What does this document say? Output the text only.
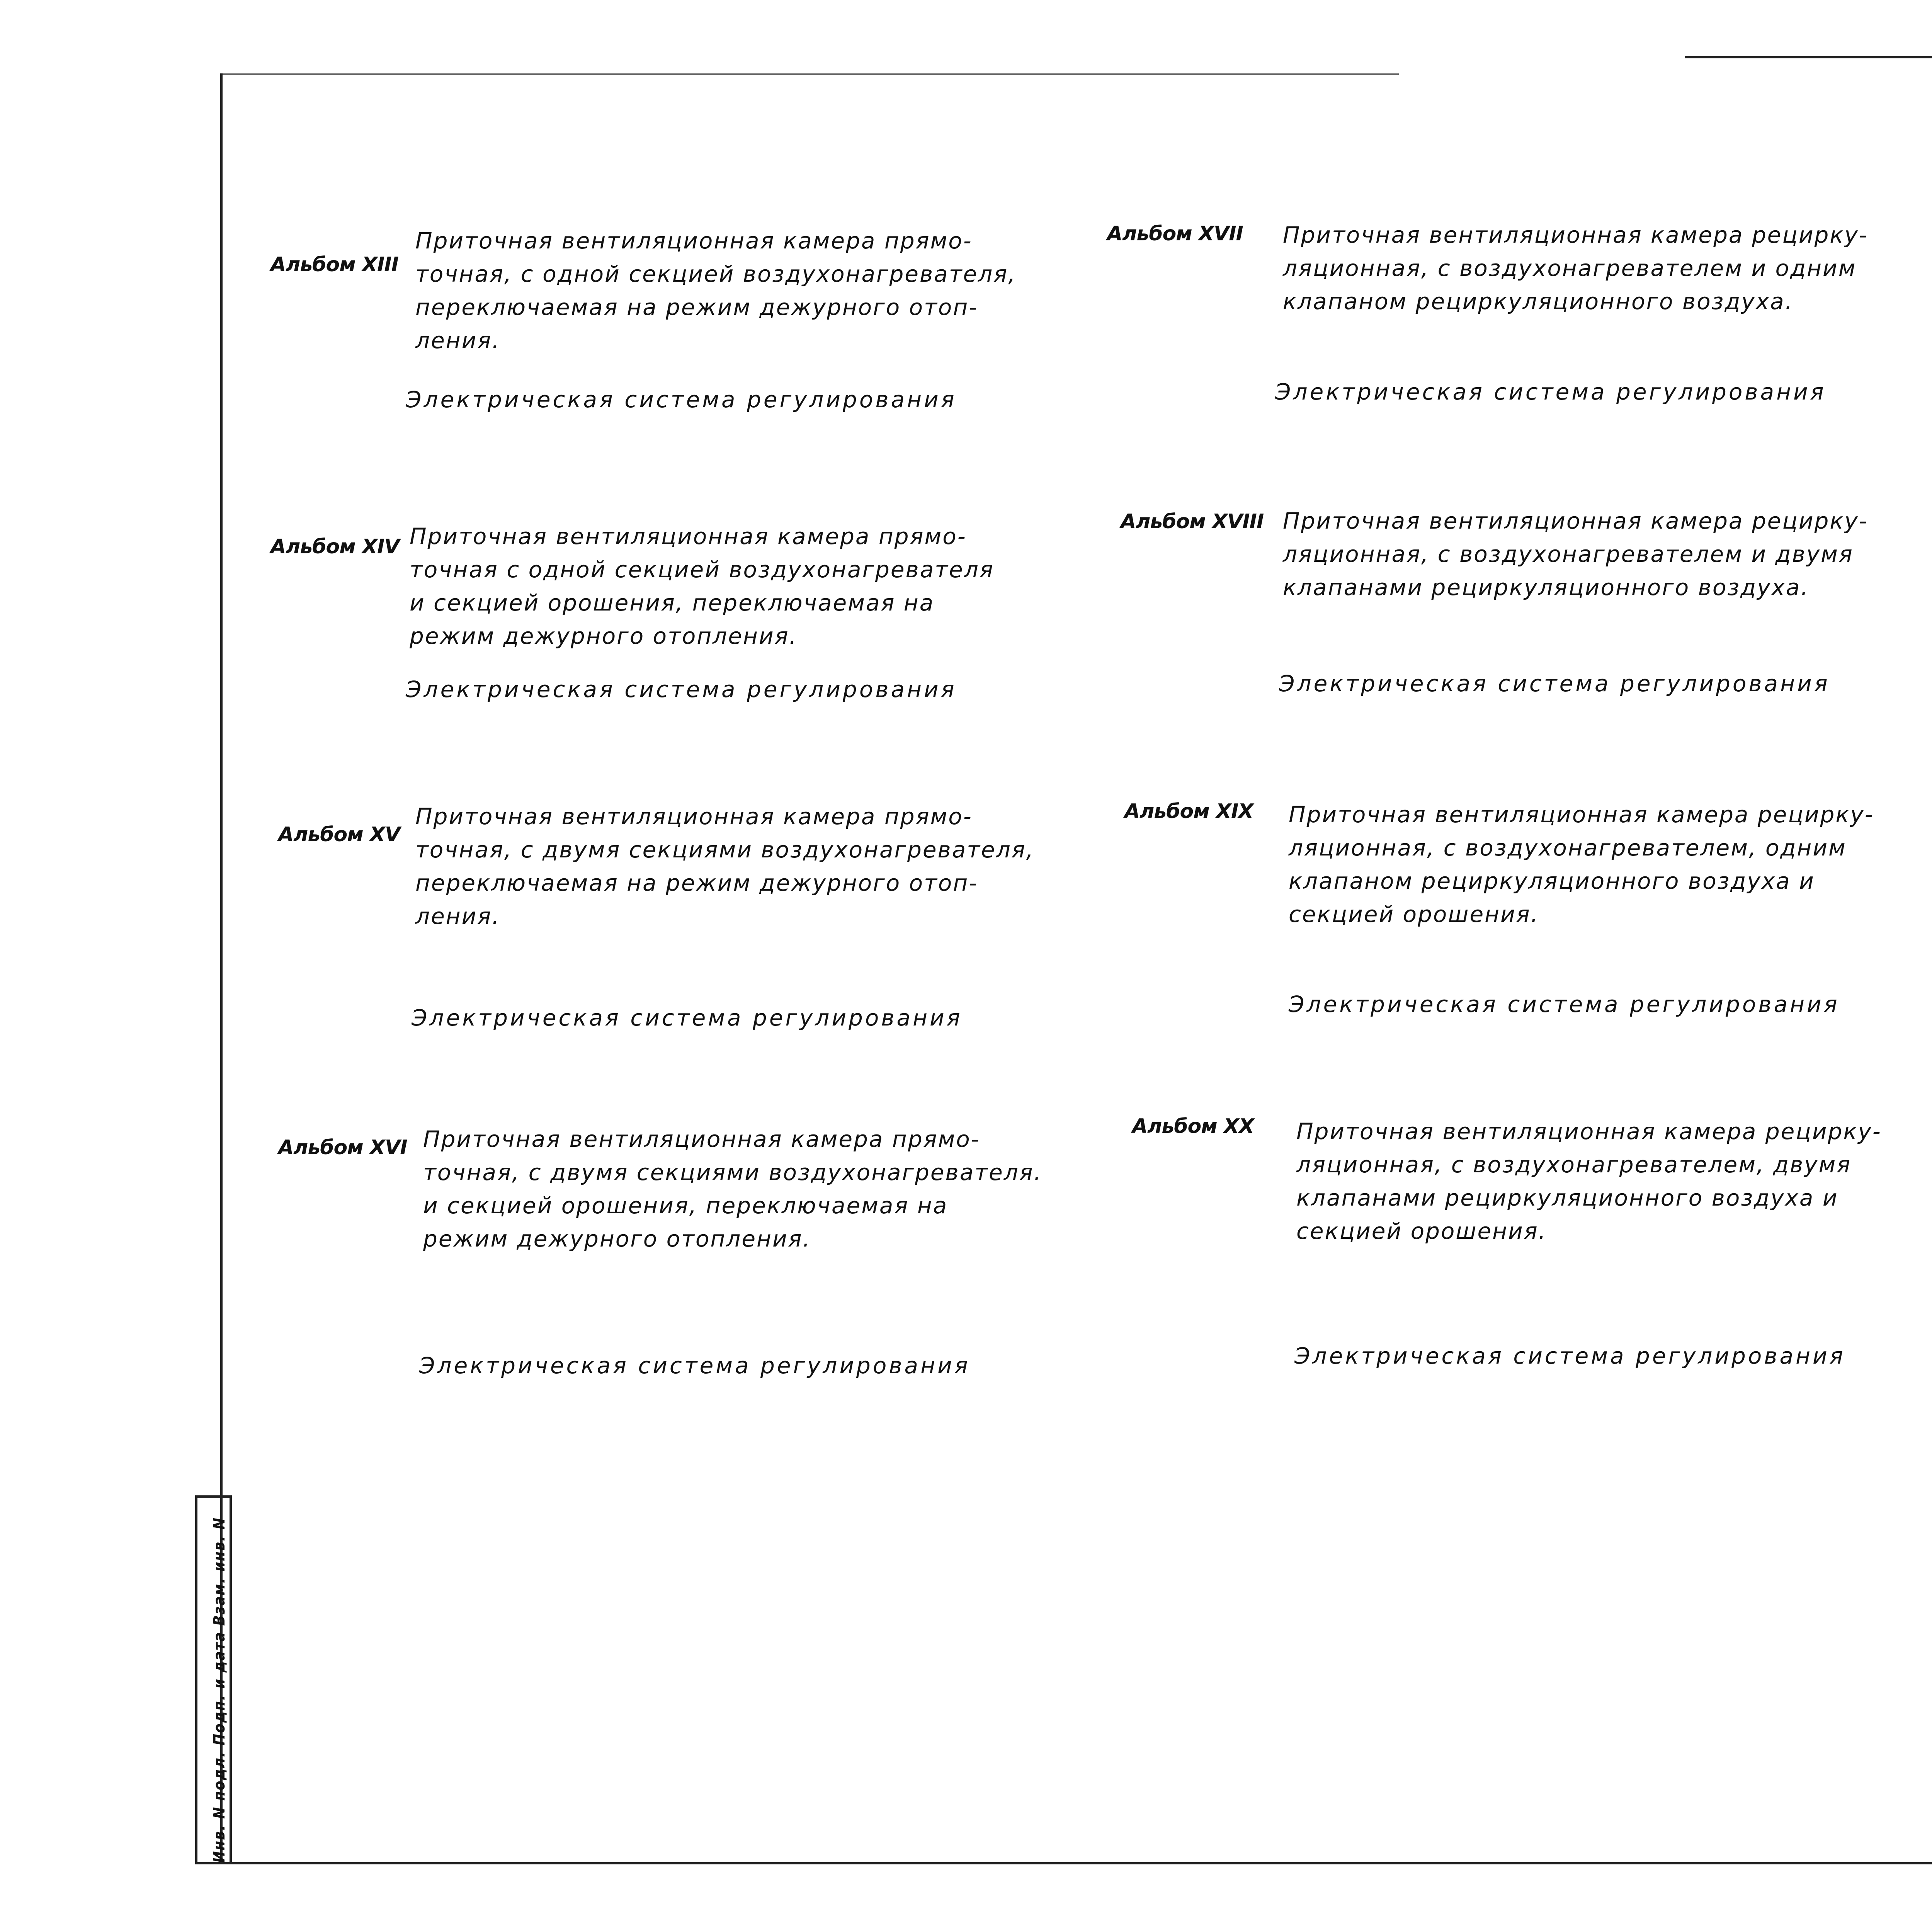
Инв. N подл. Подп. и дата Взам. инв. N
Альбом XIII
Приточная вентиляционная камера прямо-
точная, с одной секцией воздухонагревателя,
переключаемая на режим дежурного отоп-
ления.
Электрическая система регулирования
Альбом XIV Приточная вентиляционная камера прямо-
точная с одной секцией воздухонагревателя
и секцией орошения, переключаемая на
режим дежурного отопления.
Электрическая система регулирования
Альбом XV
Приточная вентиляционная камера прямо-
точная, с двумя секциями воздухонагревателя,
переключаемая на режим дежурного отоп-
ления.
Электрическая система регулирования
Альбом XVI Приточная вентиляционная камера прямо-
точная, с двумя секциями воздухонагревателя.
и секцией орошения, переключаемая на
режим дежурного отопления.
Электрическая система регулирования
Альбом XVII Приточная вентиляционная камера рецирку-
ляционная, с воздухонагревателем и одним
клапаном рециркуляционного воздуха.
Электрическая система регулирования
Альбом XVIII Приточная вентиляционная камера рецирку-
ляционная, с воздухонагревателем и двумя
клапанами рециркуляционного воздуха.
Электрическая система регулирования
Альбом XIX Приточная вентиляционная камера рецирку-
ляционная, с воздухонагревателем, одним
клапаном рециркуляционного воздуха и
секцией орошения.
Электрическая система регулирования
Альбом XX Приточная вентиляционная камера рецирку-
ляционная, с воздухонагревателем, двумя
клапанами рециркуляционного воздуха и
секцией орошения.
Электрическая система регулирования
